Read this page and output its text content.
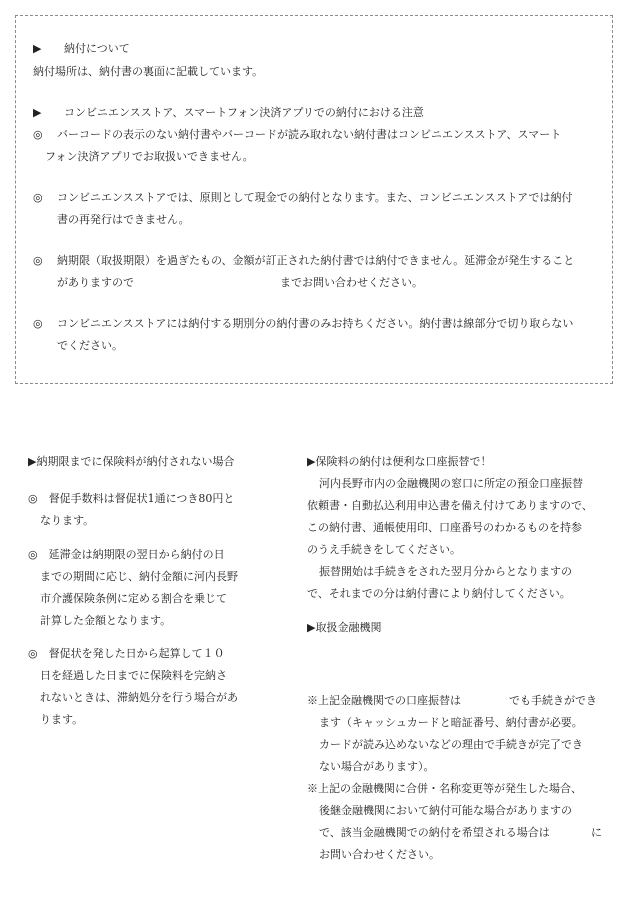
▶ 納付について
納付場所は、納付書の裏面に記載しています。
▶ コンビニエンスストア、スマートフォン決済アプリでの納付における注意
◎ バーコードの表示のない納付書やバーコードが読み取れない納付書はコンビニエンスストア、スマート
フォン決済アプリでお取扱いできません。
◎ コンビニエンスストアでは、原則として現金での納付となります。また、コンビニエンスストアでは納付
書の再発行はできません。
◎ 納期限（取扱期限）を過ぎたもの、金額が訂正された納付書では納付できません。延滞金が発生すること
がありますので	までお問い合わせください。
◎ コンビニエンスストアには納付する期別分の納付書のみお持ちください。納付書は線部分で切り取らない
でください。
▶納期限までに保険料が納付されない場合
◎　督促手数料は督促状1通につき80円と
なります。
◎　延滞金は納期限の翌日から納付の日
までの期間に応じ、納付金額に河内長野
市介護保険条例に定める割合を乗じて
計算した金額となります。
◎　督促状を発した日から起算して１０
日を経過した日までに保険料を完納さ
れないときは、滞納処分を行う場合があ
ります。
▶保険料の納付は便利な口座振替で！
河内長野市内の金融機関の窓口に所定の預金口座振替
依頼書・自動払込利用申込書を備え付けてありますので、
この納付書、通帳使用印、口座番号のわかるものを持参
のうえ手続きをしてください。
振替開始は手続きをされた翌月分からとなりますの
で、それまでの分は納付書により納付してください。
▶取扱金融機関
※上記金融機関での口座振替は	でも手続きができ
ます（キャッシュカードと暗証番号、納付書が必要。
カードが読み込めないなどの理由で手続きが完了でき
ない場合があります）。
※上記の金融機関に合併・名称変更等が発生した場合、
後継金融機関において納付可能な場合がありますの
で、該当金融機関での納付を希望される場合は	に
お問い合わせください。
